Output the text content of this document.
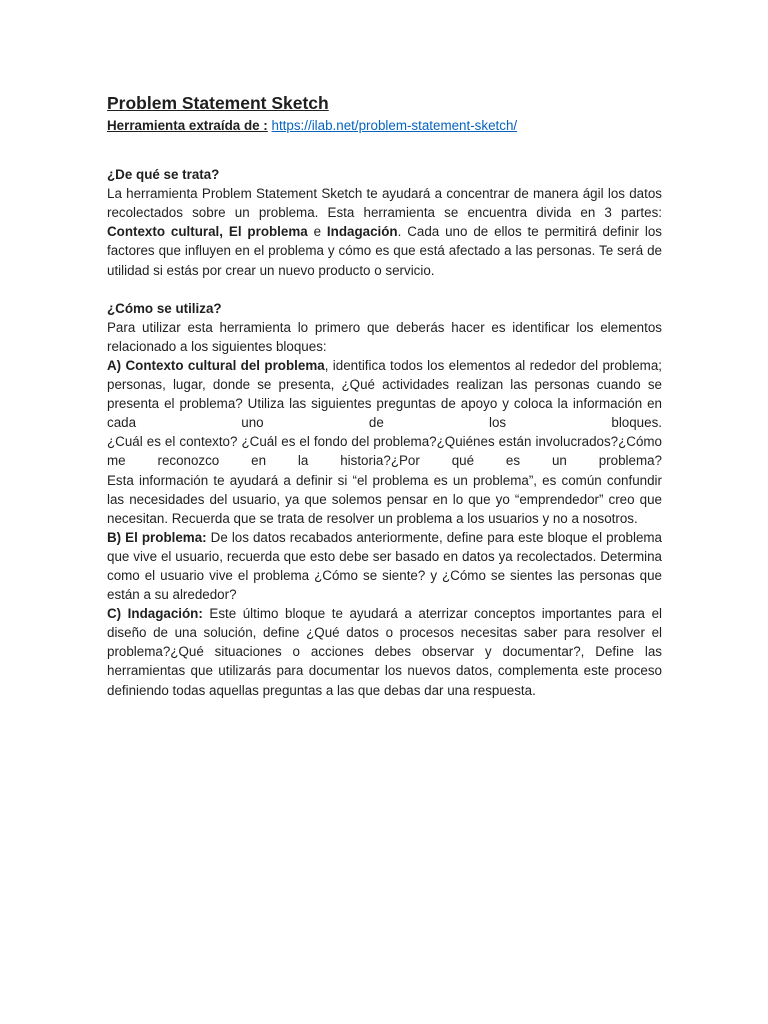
Problem Statement Sketch

Herramienta extraída de : https://ilab.net/problem-statement-sketch/

¿De qué se trata?

La herramienta Problem Statement Sketch te ayudará a concentrar de manera ágil los datos recolectados sobre un problema. Esta herramienta se encuentra divida en 3 partes: Contexto cultural, El problema e Indagación. Cada uno de ellos te permitirá definir los factores que influyen en el problema y cómo es que está afectado a las personas. Te será de utilidad si estás por crear un nuevo producto o servicio.

¿Cómo se utiliza?

Para utilizar esta herramienta lo primero que deberás hacer es identificar los elementos relacionado a los siguientes bloques:

A) Contexto cultural del problema, identifica todos los elementos al rededor del problema; personas, lugar, donde se presenta, ¿Qué actividades realizan las personas cuando se presenta el problema? Utiliza las siguientes preguntas de apoyo y coloca la información en cada uno de los bloques.

¿Cuál es el contexto? ¿Cuál es el fondo del problema?¿Quiénes están involucrados?¿Cómo me reconozco en la historia?¿Por qué es un problema?

Esta información te ayudará a definir si “el problema es un problema”, es común confundir las necesidades del usuario, ya que solemos pensar en lo que yo “emprendedor” creo que necesitan. Recuerda que se trata de resolver un problema a los usuarios y no a nosotros.

B) El problema: De los datos recabados anteriormente, define para este bloque el problema que vive el usuario, recuerda que esto debe ser basado en datos ya recolectados. Determina como el usuario vive el problema ¿Cómo se siente? y ¿Cómo se sientes las personas que están a su alrededor?

C) Indagación: Este último bloque te ayudará a aterrizar conceptos importantes para el diseño de una solución, define ¿Qué datos o procesos necesitas saber para resolver el problema?¿Qué situaciones o acciones debes observar y documentar?, Define las herramientas que utilizarás para documentar los nuevos datos, complementa este proceso definiendo todas aquellas preguntas a las que debas dar una respuesta.
